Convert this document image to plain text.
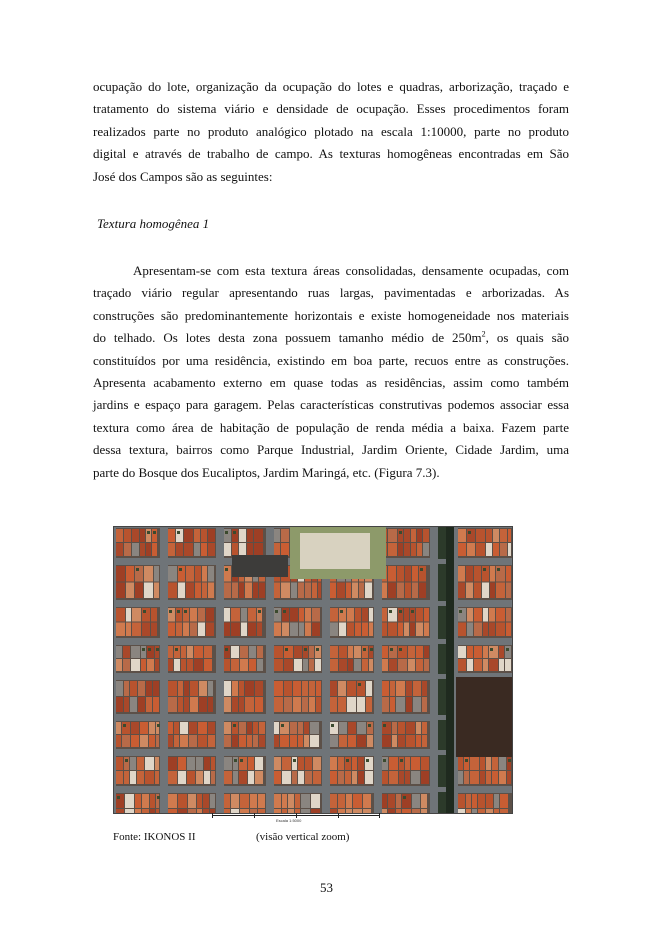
ocupação do lote, organização da ocupação do lotes e quadras, arborização, traçado e
tratamento do sistema viário e densidade de ocupação. Esses procedimentos foram
realizados parte no produto analógico plotado na escala 1:10000, parte no produto
digital e através de trabalho de campo. As texturas homogêneas encontradas em São
José dos Campos são as seguintes:

Textura homogênea 1

Apresentam-se com esta textura áreas consolidadas, densamente ocupadas, com
traçado viário regular apresentando ruas largas, pavimentadas e arborizadas. As
construções são predominantemente horizontais e existe homogeneidade nos materiais
do telhado. Os lotes desta zona possuem tamanho médio de $250m^2$, os quais são
constituídos por uma residência, existindo em boa parte, recuos entre as construções.
Apresenta acabamento externo em quase todas as residências, assim como também
jardins e espaço para garagem. Pelas características construtivas podemos associar essa
textura como área de habitação de população de renda média a baixa. Fazem parte
dessa textura, bairros como Parque Industrial, Jardim Oriente, Cidade Jardim, uma
parte do Bosque dos Eucaliptos, Jardim Maringá, etc. (Figura 7.3).

Escala 1:5000

Fonte: IKONOS II	(visão vertical zoom)

53
